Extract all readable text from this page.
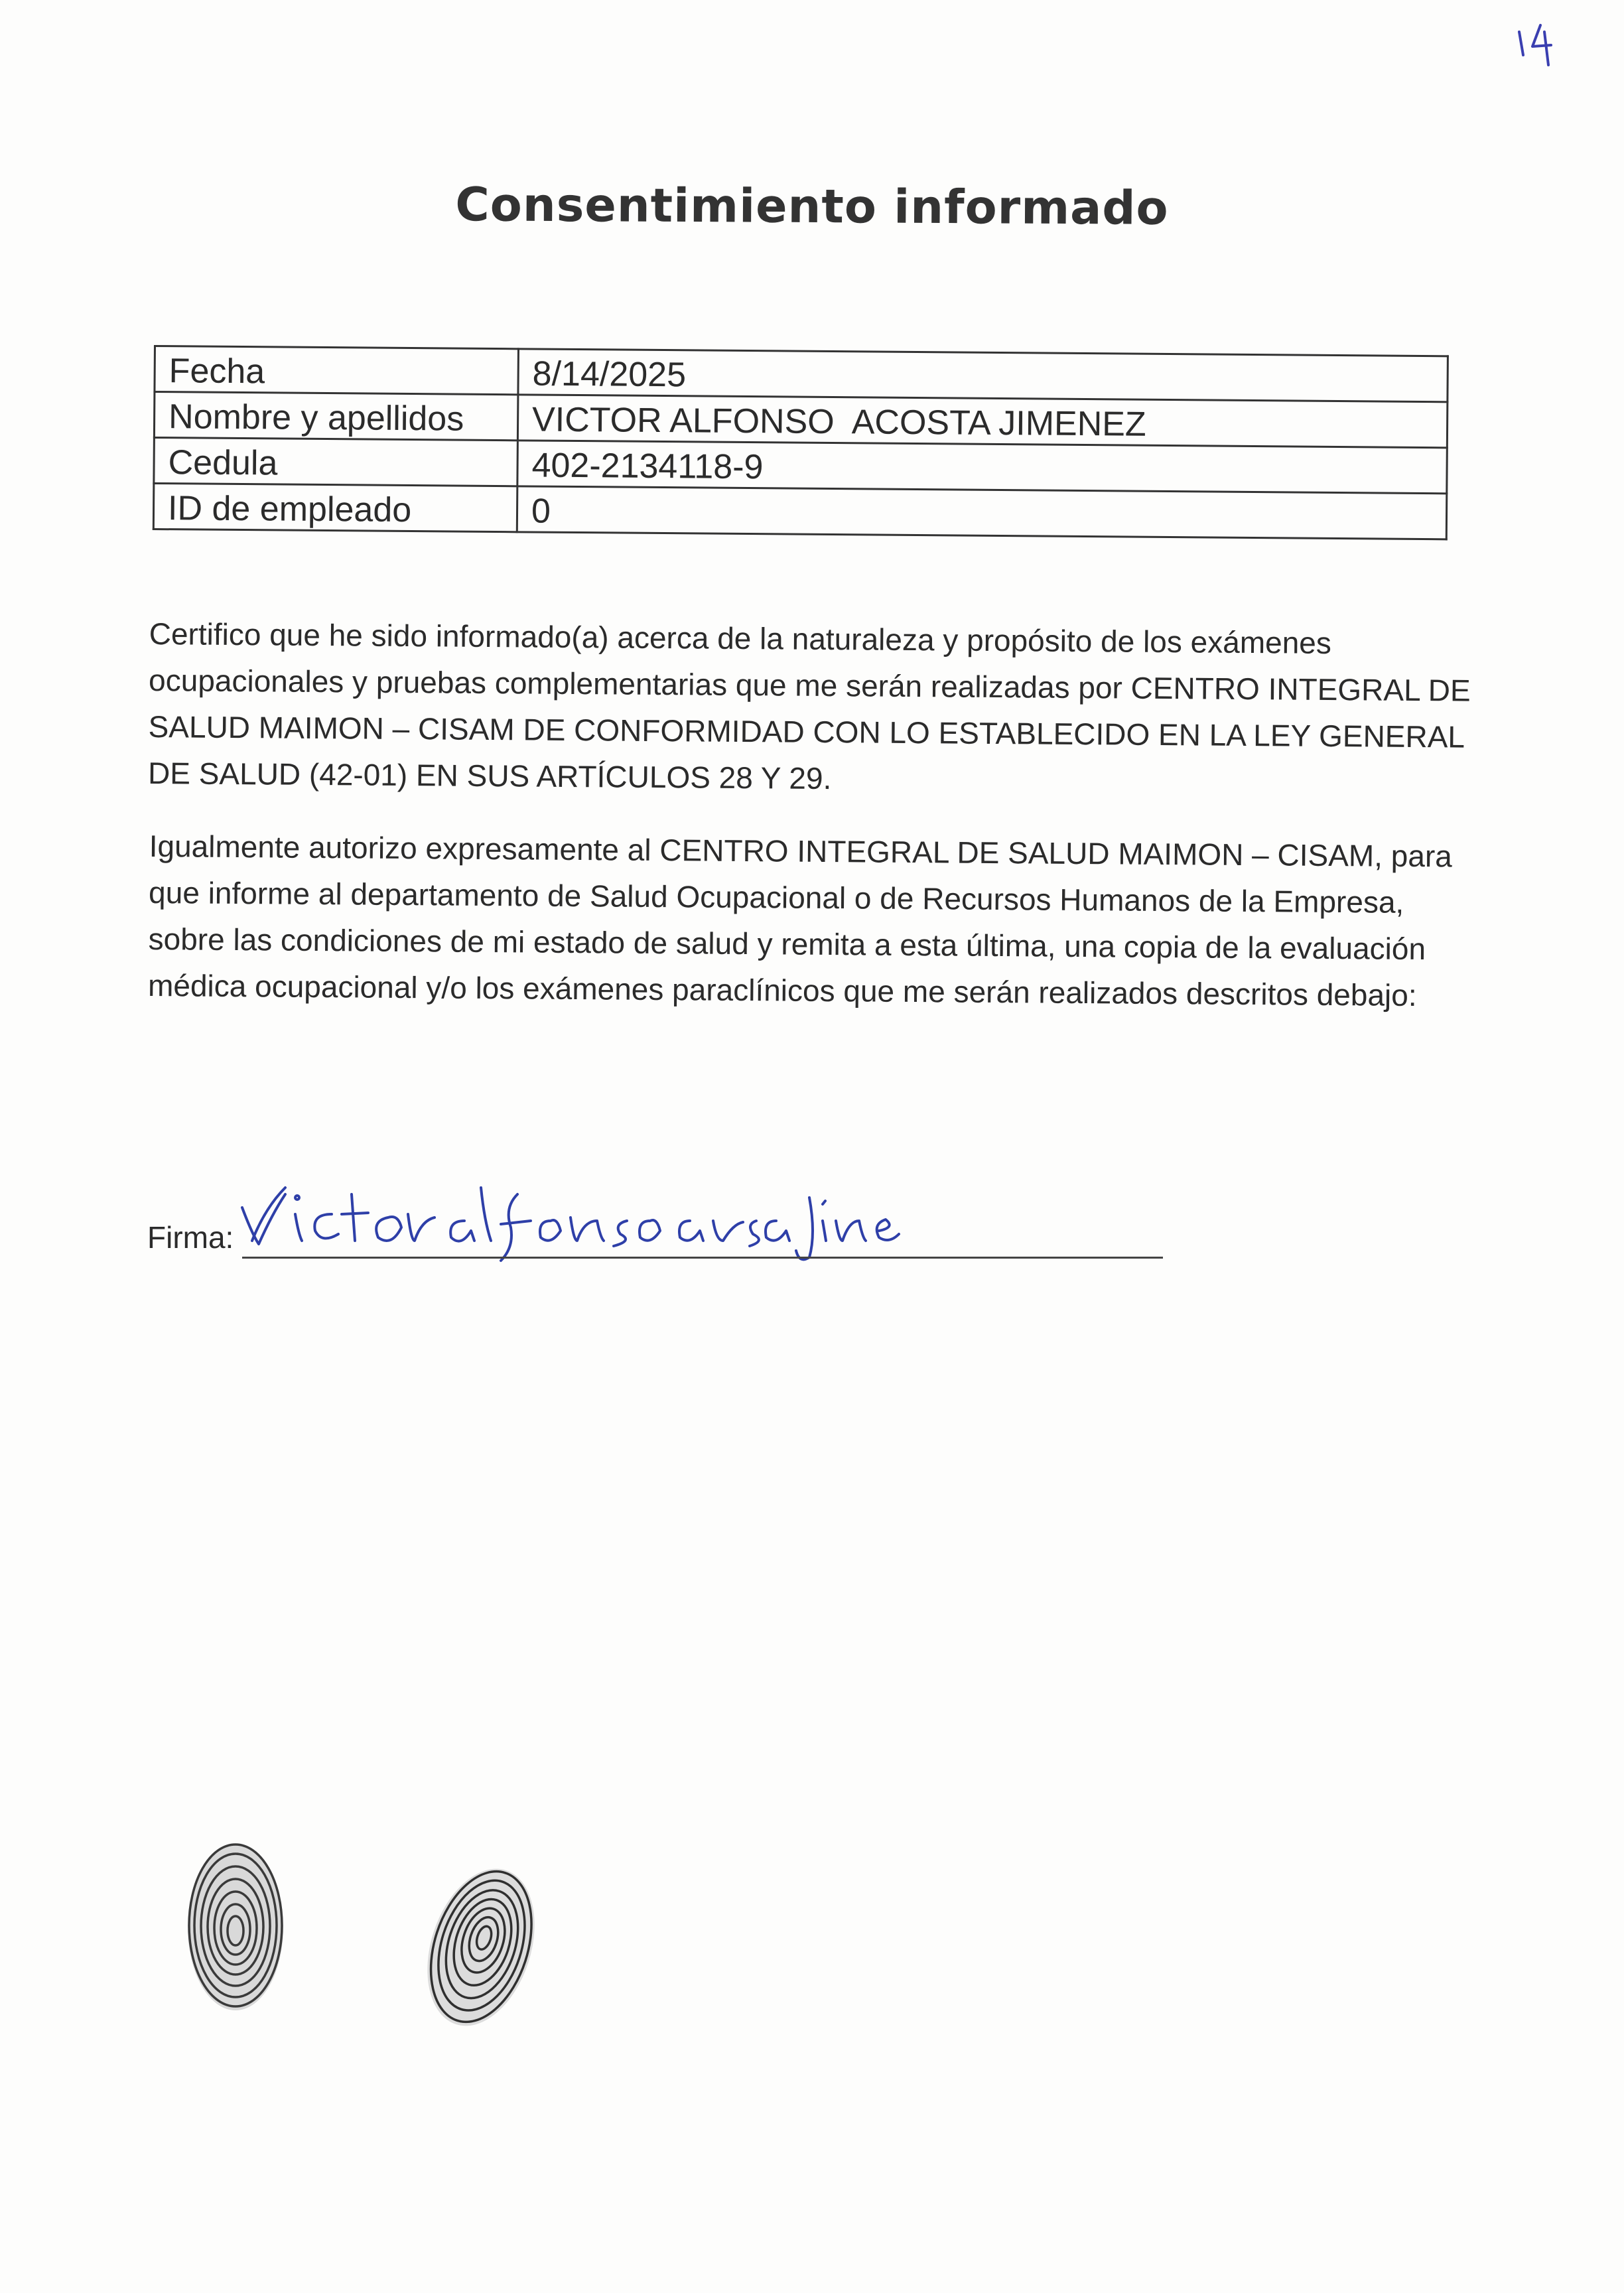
Consentimiento informado
Fecha	8/14/2025
Nombre y apellidos	VICTOR ALFONSO  ACOSTA JIMENEZ
Cedula	402-2134118-9
ID de empleado	0

Certifico que he sido informado(a) acerca de la naturaleza y propósito de los exámenes ocupacionales y pruebas complementarias que me serán realizadas por CENTRO INTEGRAL DE SALUD MAIMON – CISAM DE CONFORMIDAD CON LO ESTABLECIDO EN LA LEY GENERAL DE SALUD (42-01) EN SUS ARTÍCULOS 28 Y 29.

Igualmente autorizo expresamente al CENTRO INTEGRAL DE SALUD MAIMON – CISAM, para que informe al departamento de Salud Ocupacional o de Recursos Humanos de la Empresa, sobre las condiciones de mi estado de salud y remita a esta última, una copia de la evaluación médica ocupacional y/o los exámenes paraclínicos que me serán realizados descritos debajo:

Firma:
